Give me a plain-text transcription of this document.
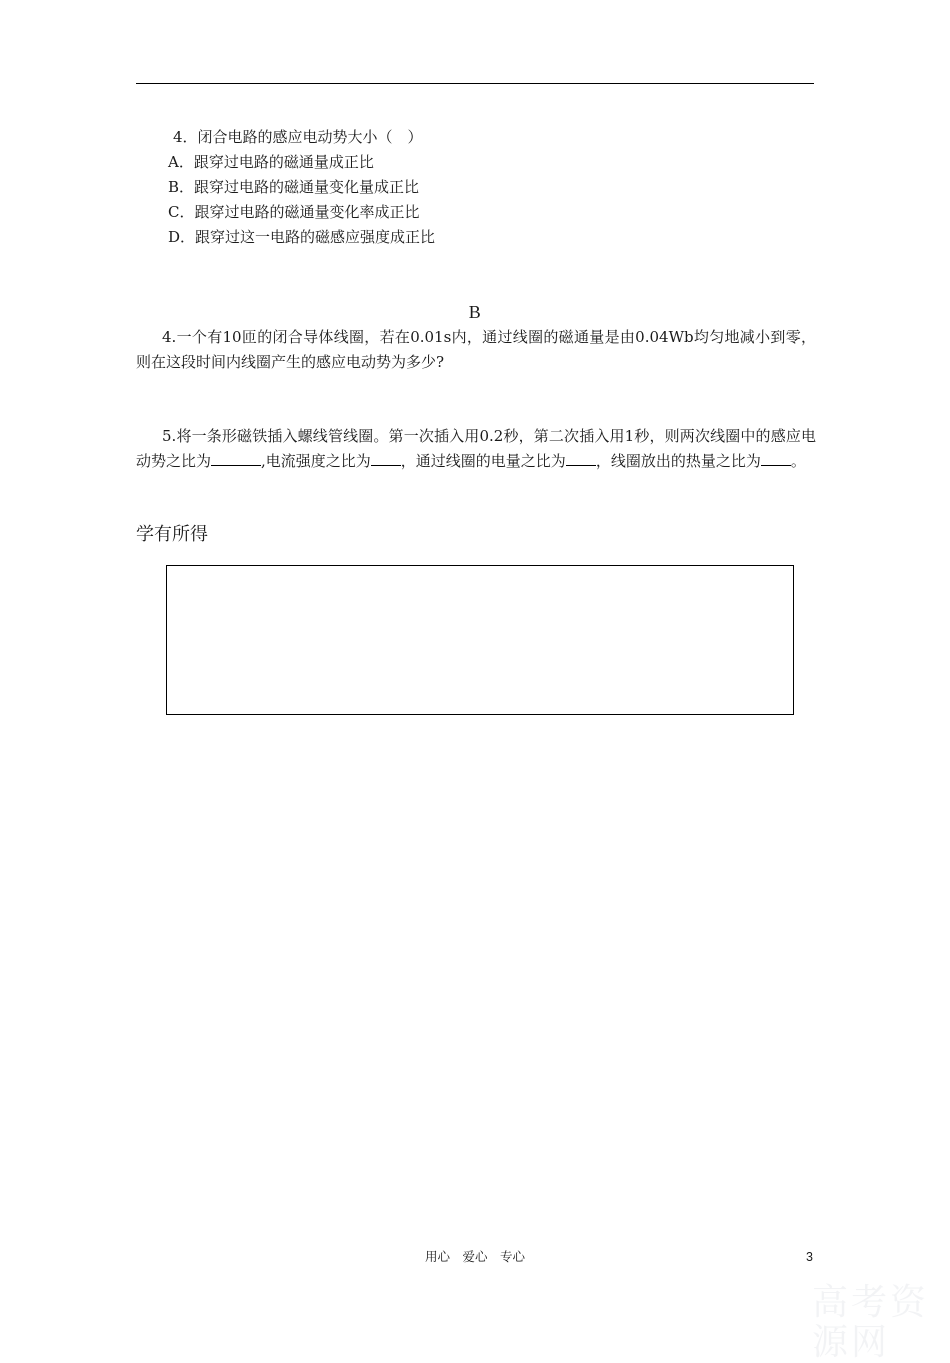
4．闭合电路的感应电动势大小（　）
A．跟穿过电路的磁通量成正比
B．跟穿过电路的磁通量变化量成正比
C．跟穿过电路的磁通量变化率成正比
D．跟穿过这一电路的磁感应强度成正比
B

4.一个有10匝的闭合导体线圈，若在0.01s内，通过线圈的磁通量是由0.04Wb均匀地减小到零，则在这段时间内线圈产生的感应电动势为多少?

5.将一条形磁铁插入螺线管线圈。第一次插入用0.2秒，第二次插入用1秒，则两次线圈中的感应电动势之比为	,电流强度之比为 ，通过线圈的电量之比为 ，线圈放出的热量之比为 。

学有所得
用心　爱心　专心	3
高考资源网
